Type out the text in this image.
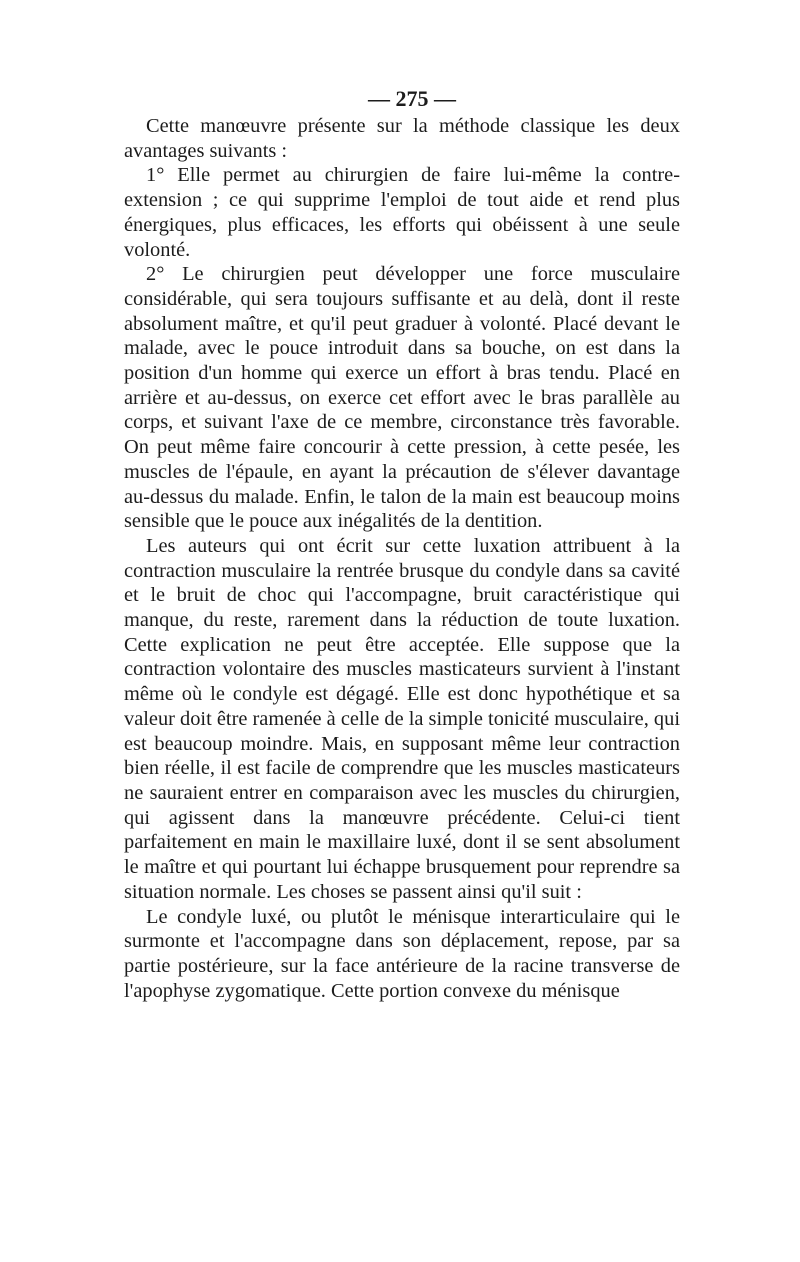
— 275 —

Cette manœuvre présente sur la méthode classique les deux avantages suivants :

1° Elle permet au chirurgien de faire lui-même la contre-extension ; ce qui supprime l'emploi de tout aide et rend plus énergiques, plus efficaces, les efforts qui obéissent à une seule volonté.

2° Le chirurgien peut développer une force musculaire considérable, qui sera toujours suffisante et au delà, dont il reste absolument maître, et qu'il peut graduer à volonté. Placé devant le malade, avec le pouce introduit dans sa bouche, on est dans la position d'un homme qui exerce un effort à bras tendu. Placé en arrière et au-dessus, on exerce cet effort avec le bras parallèle au corps, et suivant l'axe de ce membre, circonstance très favorable. On peut même faire concourir à cette pression, à cette pesée, les muscles de l'épaule, en ayant la précaution de s'élever davantage au-dessus du malade. Enfin, le talon de la main est beaucoup moins sensible que le pouce aux inégalités de la dentition.

Les auteurs qui ont écrit sur cette luxation attribuent à la contraction musculaire la rentrée brusque du condyle dans sa cavité et le bruit de choc qui l'accompagne, bruit caractéristique qui manque, du reste, rarement dans la réduction de toute luxation. Cette explication ne peut être acceptée. Elle suppose que la contraction volontaire des muscles masticateurs survient à l'instant même où le condyle est dégagé. Elle est donc hypothétique et sa valeur doit être ramenée à celle de la simple tonicité musculaire, qui est beaucoup moindre. Mais, en supposant même leur contraction bien réelle, il est facile de comprendre que les muscles masticateurs ne sauraient entrer en comparaison avec les muscles du chirurgien, qui agissent dans la manœuvre précédente. Celui-ci tient parfaitement en main le maxillaire luxé, dont il se sent absolument le maître et qui pourtant lui échappe brusquement pour reprendre sa situation normale. Les choses se passent ainsi qu'il suit :

Le condyle luxé, ou plutôt le ménisque interarticulaire qui le surmonte et l'accompagne dans son déplacement, repose, par sa partie postérieure, sur la face antérieure de la racine transverse de l'apophyse zygomatique. Cette portion convexe du ménisque
